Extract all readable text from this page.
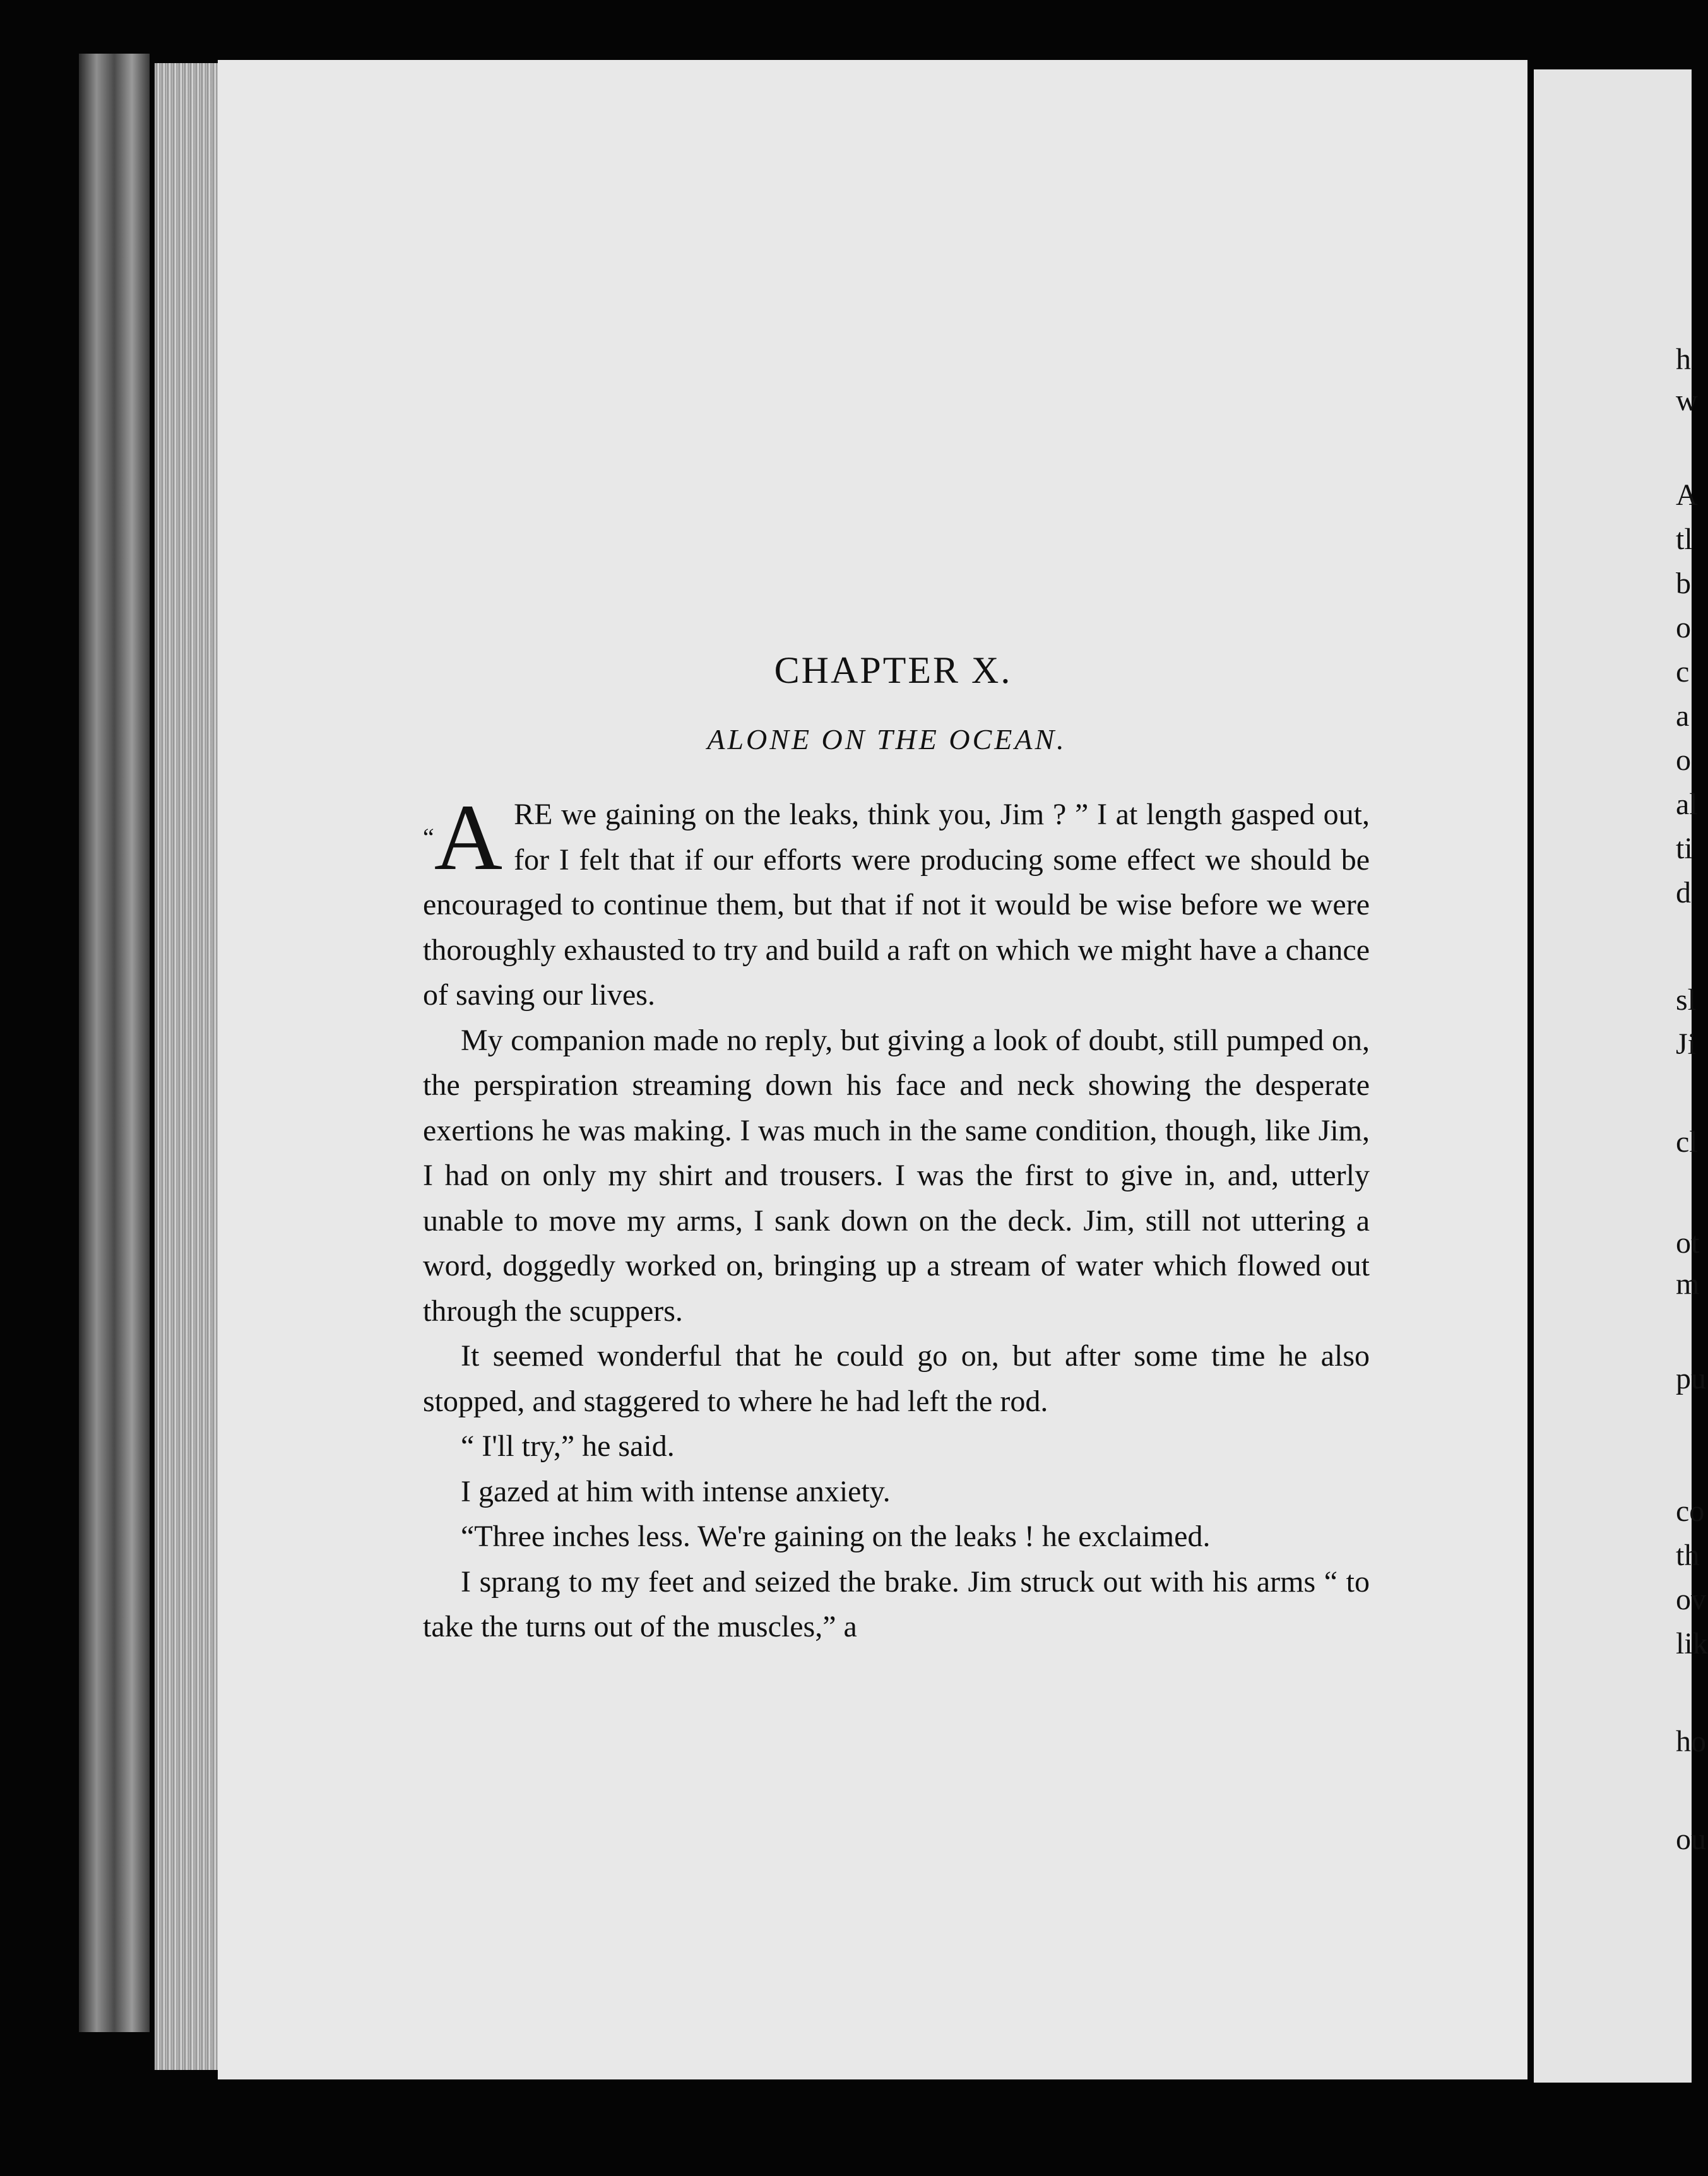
h
w
A
tl
b
o
c
a
o
al
ti
d
sl
Ji
cl
ot
m
pu
co
th
ov
lik
ho
ou
CHAPTER X.
ALONE ON THE OCEAN.

“A RE we gaining on the leaks, think you, Jim ? ” I at length gasped out, for I felt that if our efforts were producing some effect we should be encouraged to continue them, but that if not it would be wise before we were thoroughly exhausted to try and build a raft on which we might have a chance of saving our lives.

My companion made no reply, but giving a look of doubt, still pumped on, the perspiration streaming down his face and neck showing the desperate exertions he was making. I was much in the same condition, though, like Jim, I had on only my shirt and trousers. I was the first to give in, and, utterly unable to move my arms, I sank down on the deck. Jim, still not uttering a word, doggedly worked on, bringing up a stream of water which flowed out through the scuppers.

It seemed wonderful that he could go on, but after some time he also stopped, and staggered to where he had left the rod.

“ I'll try,” he said.

I gazed at him with intense anxiety.

“Three inches less. We're gaining on the leaks ! he exclaimed.

I sprang to my feet and seized the brake. Jim struck out with his arms “ to take the turns out of the muscles,” a
